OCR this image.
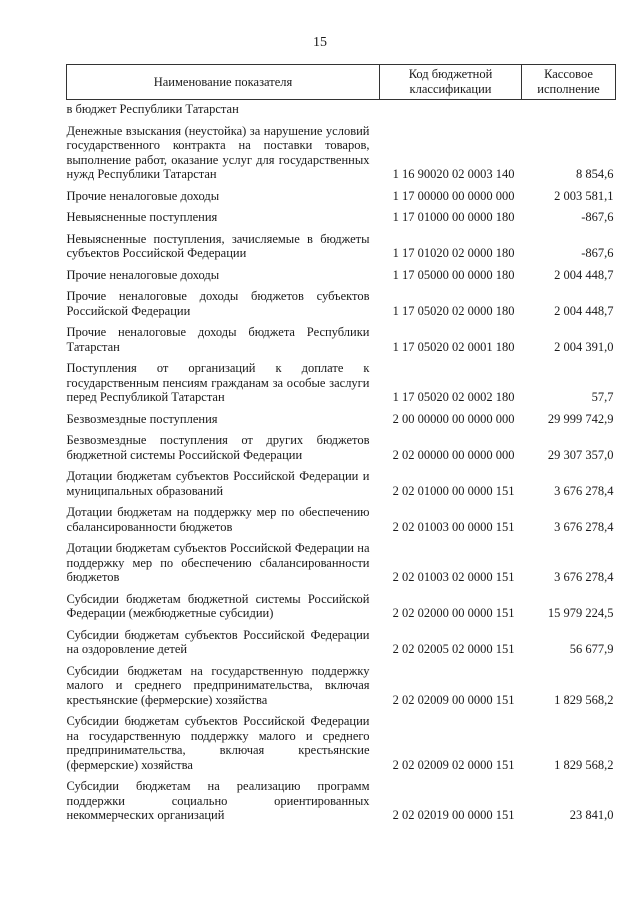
15
Наименование показателя	Код бюджетной классификации	Кассовое исполнение
в бюджет Республики Татарстан		
Денежные взыскания (неустойка) за нарушение условий государственного контракта на поставки товаров, выполнение работ, оказание услуг для государственных нужд Республики Татарстан	1 16 90020 02 0003 140	8 854,6
Прочие неналоговые доходы	1 17 00000 00 0000 000	2 003 581,1
Невыясненные поступления	1 17 01000 00 0000 180	-867,6
Невыясненные поступления, зачисляемые в бюджеты субъектов Российской Федерации	1 17 01020 02 0000 180	-867,6
Прочие неналоговые доходы	1 17 05000 00 0000 180	2 004 448,7
Прочие неналоговые доходы бюджетов субъектов Российской Федерации	1 17 05020 02 0000 180	2 004 448,7
Прочие неналоговые доходы бюджета Республики Татарстан	1 17 05020 02 0001 180	2 004 391,0
Поступления от организаций к доплате к государственным пенсиям гражданам за особые заслуги перед Республикой Татарстан	1 17 05020 02 0002 180	57,7
Безвозмездные поступления	2 00 00000 00 0000 000	29 999 742,9
Безвозмездные поступления от других бюджетов бюджетной системы Российской Федерации	2 02 00000 00 0000 000	29 307 357,0
Дотации бюджетам субъектов Российской Федерации и муниципальных образований	2 02 01000 00 0000 151	3 676 278,4
Дотации бюджетам на поддержку мер по обеспечению сбалансированности бюджетов	2 02 01003 00 0000 151	3 676 278,4
Дотации бюджетам субъектов Российской Федерации на поддержку мер по обеспечению сбалансированности бюджетов	2 02 01003 02 0000 151	3 676 278,4
Субсидии бюджетам бюджетной системы Российской Федерации (межбюджетные субсидии)	2 02 02000 00 0000 151	15 979 224,5
Субсидии бюджетам субъектов Российской Федерации на оздоровление детей	2 02 02005 02 0000 151	56 677,9
Субсидии бюджетам на государственную поддержку малого и среднего предпринимательства, включая крестьянские (фермерские) хозяйства	2 02 02009 00 0000 151	1 829 568,2
Субсидии бюджетам субъектов Российской Федерации на государственную поддержку малого и среднего предпринимательства, включая крестьянские (фермерские) хозяйства	2 02 02009 02 0000 151	1 829 568,2
Субсидии бюджетам на реализацию программ поддержки социально ориентированных некоммерческих организаций	2 02 02019 00 0000 151	23 841,0
